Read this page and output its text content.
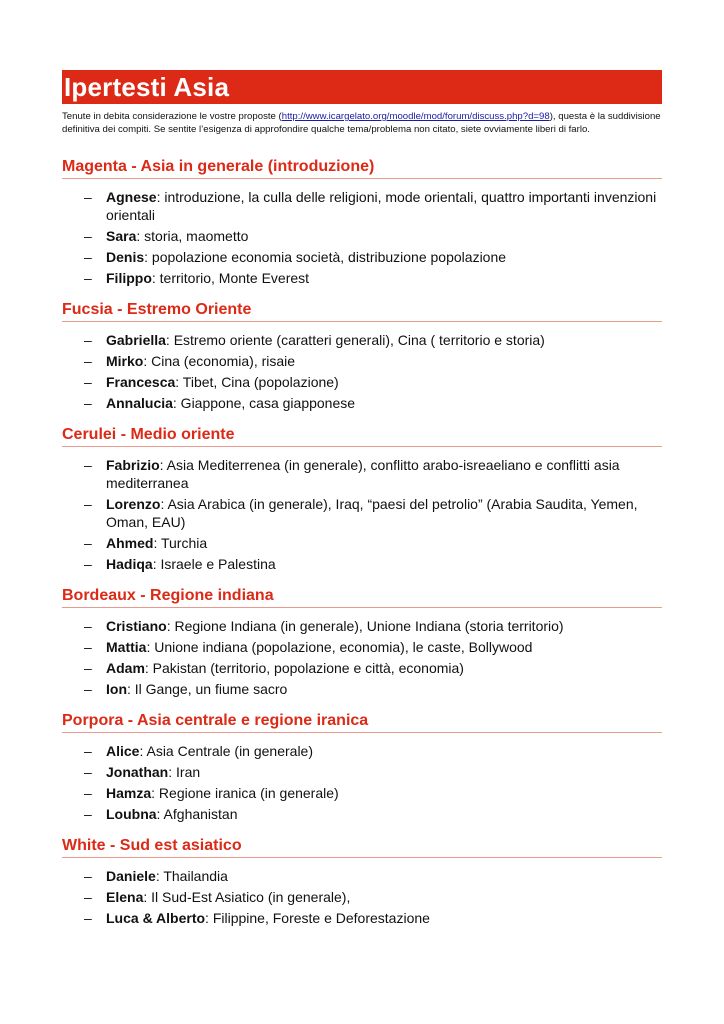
Ipertesti Asia
Tenute in debita considerazione le vostre proposte (http://www.icargelato.org/moodle/mod/forum/discuss.php?d=98), questa è la suddivisione definitiva dei compiti. Se sentite l’esigenza di approfondire qualche tema/problema non citato, siete ovviamente liberi di farlo.
Magenta - Asia in generale (introduzione)
– Agnese: introduzione, la culla delle religioni, mode orientali, quattro importanti invenzioni orientali
– Sara: storia, maometto
– Denis: popolazione economia società, distribuzione popolazione
– Filippo: territorio, Monte Everest
Fucsia - Estremo Oriente
– Gabriella: Estremo oriente (caratteri generali), Cina ( territorio e storia)
– Mirko: Cina (economia), risaie
– Francesca: Tibet, Cina (popolazione)
– Annalucia: Giappone, casa giapponese
Cerulei - Medio oriente
– Fabrizio: Asia Mediterrenea (in generale), conflitto arabo-isreaeliano e conflitti asia mediterranea
– Lorenzo: Asia Arabica (in generale), Iraq, “paesi del petrolio” (Arabia Saudita, Yemen, Oman, EAU)
– Ahmed: Turchia
– Hadiqa: Israele e Palestina
Bordeaux - Regione indiana
– Cristiano: Regione Indiana (in generale), Unione Indiana (storia territorio)
– Mattia: Unione indiana (popolazione, economia), le caste, Bollywood
– Adam: Pakistan (territorio, popolazione e città, economia)
– Ion: Il Gange, un fiume sacro
Porpora - Asia centrale e regione iranica
– Alice: Asia Centrale (in generale)
– Jonathan: Iran
– Hamza: Regione iranica (in generale)
– Loubna: Afghanistan
White - Sud est asiatico
– Daniele: Thailandia
– Elena: Il Sud-Est Asiatico (in generale),
– Luca & Alberto: Filippine, Foreste e Deforestazione
